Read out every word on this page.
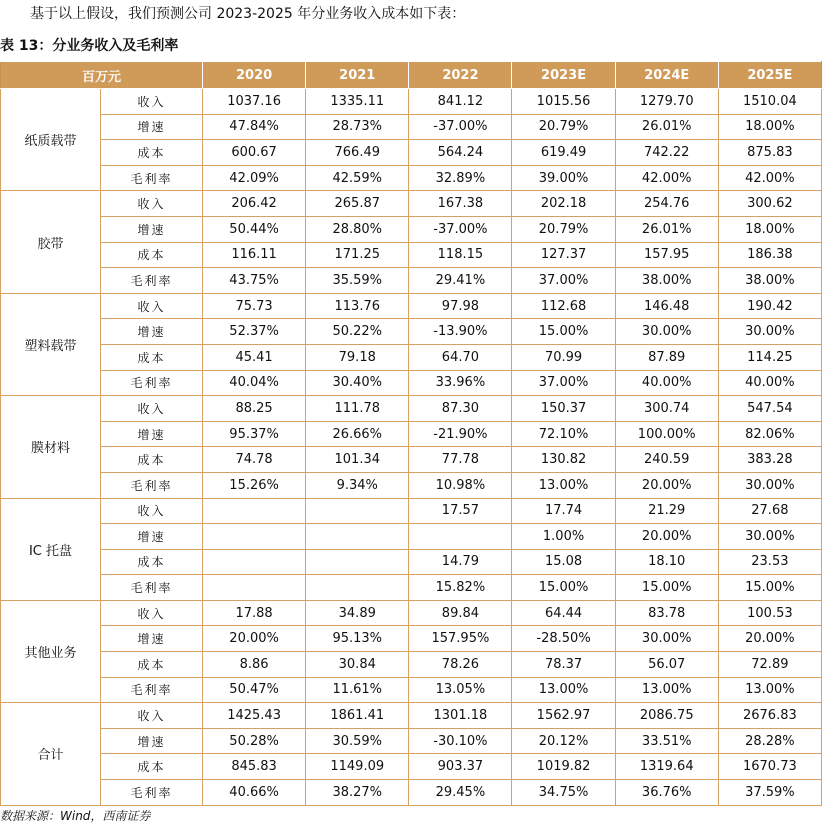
基于以上假设，我们预测公司 2023-2025 年分业务收入成本如下表：
表 13：分业务收入及毛利率
百万元		2020	2021	2022	2023E	2024E	2025E
纸质载带	收入	1037.16	1335.11	841.12	1015.56	1279.70	1510.04
	增速	47.84%	28.73%	-37.00%	20.79%	26.01%	18.00%
	成本	600.67	766.49	564.24	619.49	742.22	875.83
	毛利率	42.09%	42.59%	32.89%	39.00%	42.00%	42.00%
胶带	收入	206.42	265.87	167.38	202.18	254.76	300.62
	增速	50.44%	28.80%	-37.00%	20.79%	26.01%	18.00%
	成本	116.11	171.25	118.15	127.37	157.95	186.38
	毛利率	43.75%	35.59%	29.41%	37.00%	38.00%	38.00%
塑料载带	收入	75.73	113.76	97.98	112.68	146.48	190.42
	增速	52.37%	50.22%	-13.90%	15.00%	30.00%	30.00%
	成本	45.41	79.18	64.70	70.99	87.89	114.25
	毛利率	40.04%	30.40%	33.96%	37.00%	40.00%	40.00%
膜材料	收入	88.25	111.78	87.30	150.37	300.74	547.54
	增速	95.37%	26.66%	-21.90%	72.10%	100.00%	82.06%
	成本	74.78	101.34	77.78	130.82	240.59	383.28
	毛利率	15.26%	9.34%	10.98%	13.00%	20.00%	30.00%
IC 托盘	收入			17.57	17.74	21.29	27.68
	增速				1.00%	20.00%	30.00%
	成本			14.79	15.08	18.10	23.53
	毛利率			15.82%	15.00%	15.00%	15.00%
其他业务	收入	17.88	34.89	89.84	64.44	83.78	100.53
	增速	20.00%	95.13%	157.95%	-28.50%	30.00%	20.00%
	成本	8.86	30.84	78.26	78.37	56.07	72.89
	毛利率	50.47%	11.61%	13.05%	13.00%	13.00%	13.00%
合计	收入	1425.43	1861.41	1301.18	1562.97	2086.75	2676.83
	增速	50.28%	30.59%	-30.10%	20.12%	33.51%	28.28%
	成本	845.83	1149.09	903.37	1019.82	1319.64	1670.73
	毛利率	40.66%	38.27%	29.45%	34.75%	36.76%	37.59%
数据来源：Wind，西南证券
